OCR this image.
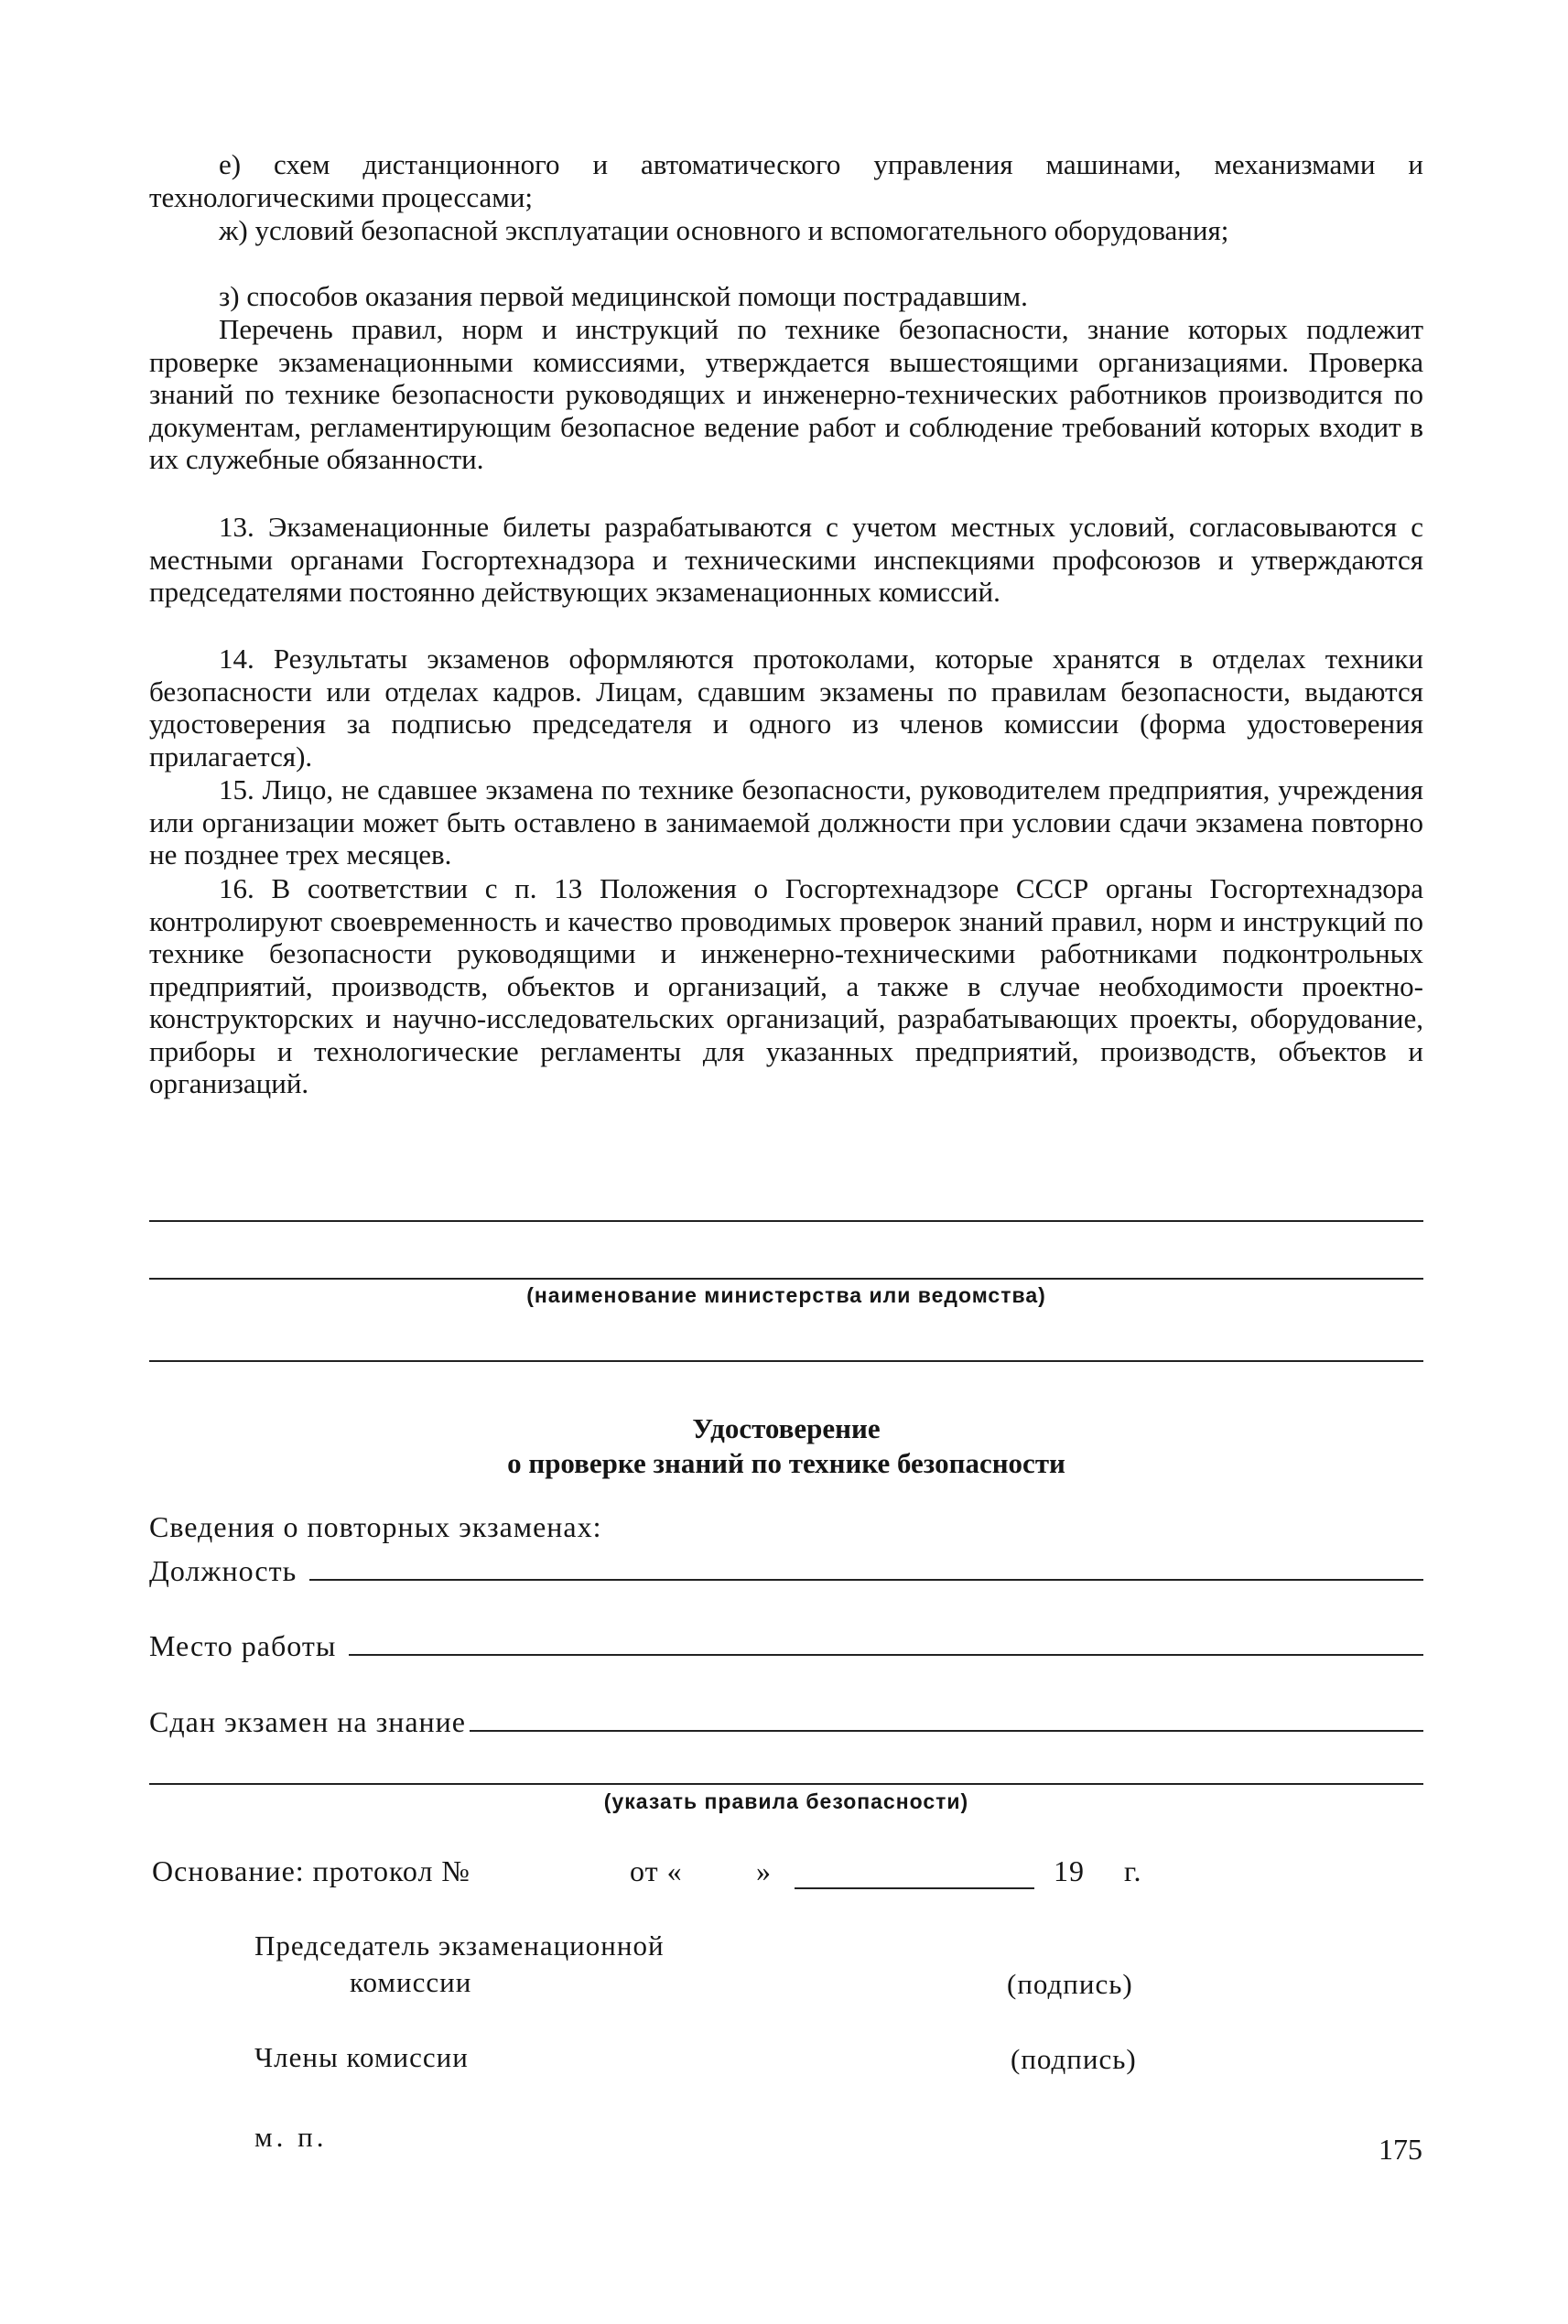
е) схем дистанционного и автоматического управления машинами, механизмами и технологическими процессами;

ж) условий безопасной эксплуатации основного и вспомогательного оборудования;

з) способов оказания первой медицинской помощи пострадавшим.

Перечень правил, норм и инструкций по технике безопасности, знание которых подлежит проверке экзаменационными комиссиями, утверждается вышестоящими организациями. Проверка знаний по технике безопасности руководящих и инженерно-технических работников производится по документам, регламентирующим безопасное ведение работ и соблюдение требований которых входит в их служебные обязанности.

13. Экзаменационные билеты разрабатываются с учетом местных условий, согласовываются с местными органами Госгортехнадзора и техническими инспекциями профсоюзов и утверждаются председателями постоянно действующих экзаменационных комиссий.

14. Результаты экзаменов оформляются протоколами, которые хранятся в отделах техники безопасности или отделах кадров. Лицам, сдавшим экзамены по правилам безопасности, выдаются удостоверения за подписью председателя и одного из членов комиссии (форма удостоверения прилагается).

15. Лицо, не сдавшее экзамена по технике безопасности, руководителем предприятия, учреждения или организации может быть оставлено в занимаемой должности при условии сдачи экзамена повторно не позднее трех месяцев.

16. В соответствии с п. 13 Положения о Госгортехнадзоре СССР органы Госгортехнадзора контролируют своевременность и качество проводимых проверок знаний правил, норм и инструкций по технике безопасности руководящими и инженерно-техническими работниками подконтрольных предприятий, производств, объектов и организаций, а также в случае необходимости проектно-конструкторских и научно-исследовательских организаций, разрабатывающих проекты, оборудование, приборы и технологические регламенты для указанных предприятий, производств, объектов и организаций.

(наименование министерства или ведомства)
Удостоверение
о проверке знаний по технике безопасности
Сведения о повторных экзаменах:
Должность
Место работы
Сдан экзамен на знание
(указать правила безопасности)
Основание: протокол №	от «	»	19 г.
Председатель экзаменационной
комиссии	(подпись)
Члены комиссии	(подпись)
м. п.	175
